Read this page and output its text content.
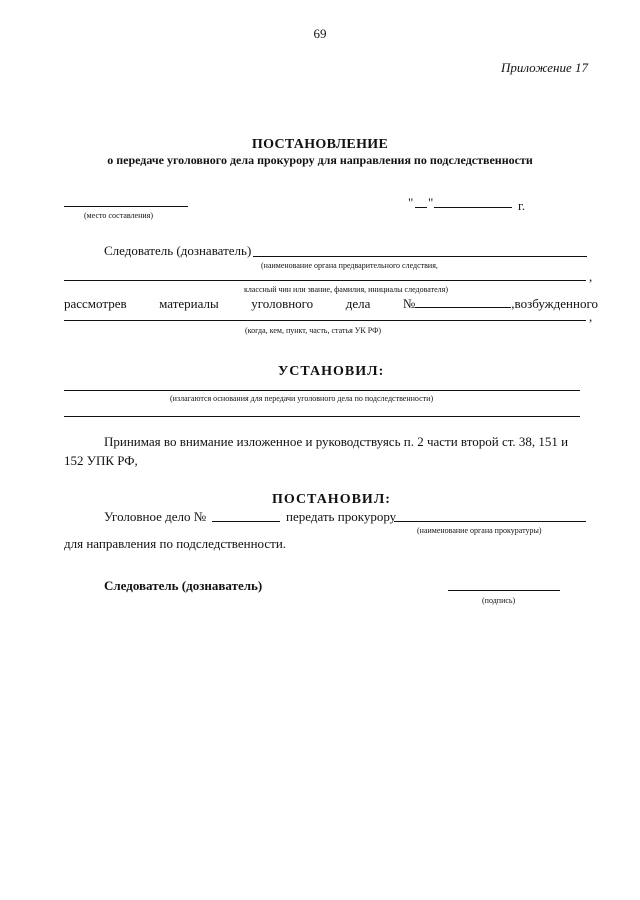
69
Приложение 17
ПОСТАНОВЛЕНИЕ
о передаче уголовного дела прокурору для направления по подследственности
(место составления)
" "	г.
Следователь (дознаватель)
(наименование органа предварительного следствия,
,
классный чин или звание, фамилия, инициалы следователя)
рассмотрев	материалы	уголовного	дела	№	,возбужденного
,
(когда, кем, пункт, часть, статья УК РФ)
УСТАНОВИЛ:
(излагаются основания для передачи уголовного дела по подследственности)
Принимая во внимание изложенное и руководствуясь п. 2 части второй ст. 38, 151 и
152 УПК РФ,
ПОСТАНОВИЛ:
Уголовное дело №	передать прокурору
(наименование органа прокуратуры)
для направления по подследственности.
Следователь (дознаватель)
(подпись)
